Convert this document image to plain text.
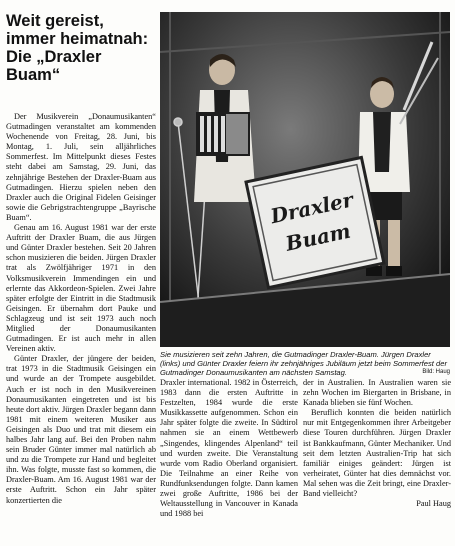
Weit gereist,
immer heimatnah:
Die „Draxler Buam“

Der Musikverein „Donaumusikanten“ Gutmadingen veranstaltet am kommenden Wochenende von Freitag, 28. Juni, bis Montag, 1. Juli, sein alljährliches Sommerfest. Im Mittelpunkt dieses Festes steht dabei am Samstag, 29. Juni, das zehnjährige Bestehen der Draxler-Buam aus Gutmadingen. Hierzu spielen neben den Draxler auch die Original Fidelen Geisinger sowie die Gebrigstrachtengruppe „Bayrische Buam“.

Genau am 16. August 1981 war der erste Auftritt der Draxler Buam, die aus Jürgen und Günter Draxler bestehen. Seit 20 Jahren schon musizieren die beiden. Jürgen Draxler trat als Zwölfjähriger 1971 in den Volksmusikverein Immendingen ein und erlernte das Akkordeon-Spielen. Zwei Jahre später erfolgte der Eintritt in die Stadtmusik Geisingen. Er übernahm dort Pauke und Schlagzeug und ist seit 1973 auch noch Mitglied der Donaumusikanten Gutmadingen. Er ist auch mehr in allen Vereinen aktiv.

Günter Draxler, der jüngere der beiden, trat 1973 in die Stadtmusik Geisingen ein und wurde an der Trompete ausgebildet. Auch er ist noch in den Musikvereinen Donaumusikanten eingetreten und ist bis heute dort aktiv. Jürgen Draxler begann dann 1981 mit einem weiteren Musiker aus Geisingen als Duo und trat mit diesem ein halbes Jahr lang auf. Bei den Proben nahm sein Bruder Günter immer mal natürlich ab und zu die Trompete zur Hand und begleitet ihn. Was folgte, musste fast so kommen, die Draxler-Buam. Am 16. August 1981 war der erste Auftritt. Schon ein Jahr später konzertierten die

Draxler
Buam

Sie musizieren seit zehn Jahren, die Gutmadinger Draxler-Buam. Jürgen Draxler (links) und Günter Draxler feiern ihr zehnjähriges Jubiläum jetzt beim Sommerfest der Gutmadinger Donaumusikanten am nächsten Samstag.	Bild: Haug

Draxler international. 1982 in Österreich, 1983 dann die ersten Auftritte in Festzelten, 1984 wurde die erste Musikkassette aufgenommen. Schon ein Jahr später folgte die zweite. In Südtirol nahmen sie an einem Wettbewerb „Singendes, klingendes Alpenland“ teil und wurden zweite. Die Veranstaltung wurde vom Radio Oberland organisiert. Die Teilnahme an einer Reihe von Rundfunksendungen folgte. Dann kamen zwei große Auftritte, 1986 bei der Weltausstellung in Vancouver in Kanada und 1988 bei

der in Australien. In Australien waren sie zehn Wochen im Biergarten in Brisbane, in Kanada blieben sie fünf Wochen.

Beruflich konnten die beiden natürlich nur mit Entgegenkommen ihrer Arbeitgeber diese Touren durchführen. Jürgen Draxler ist Bankkaufmann, Günter Mechaniker. Und seit dem letzten Australien-Trip hat sich familiär einiges geändert: Jürgen ist verheiratet, Günter hat dies demnächst vor. Mal sehen was die Zeit bringt, eine Draxler-Band vielleicht?

Paul Haug
